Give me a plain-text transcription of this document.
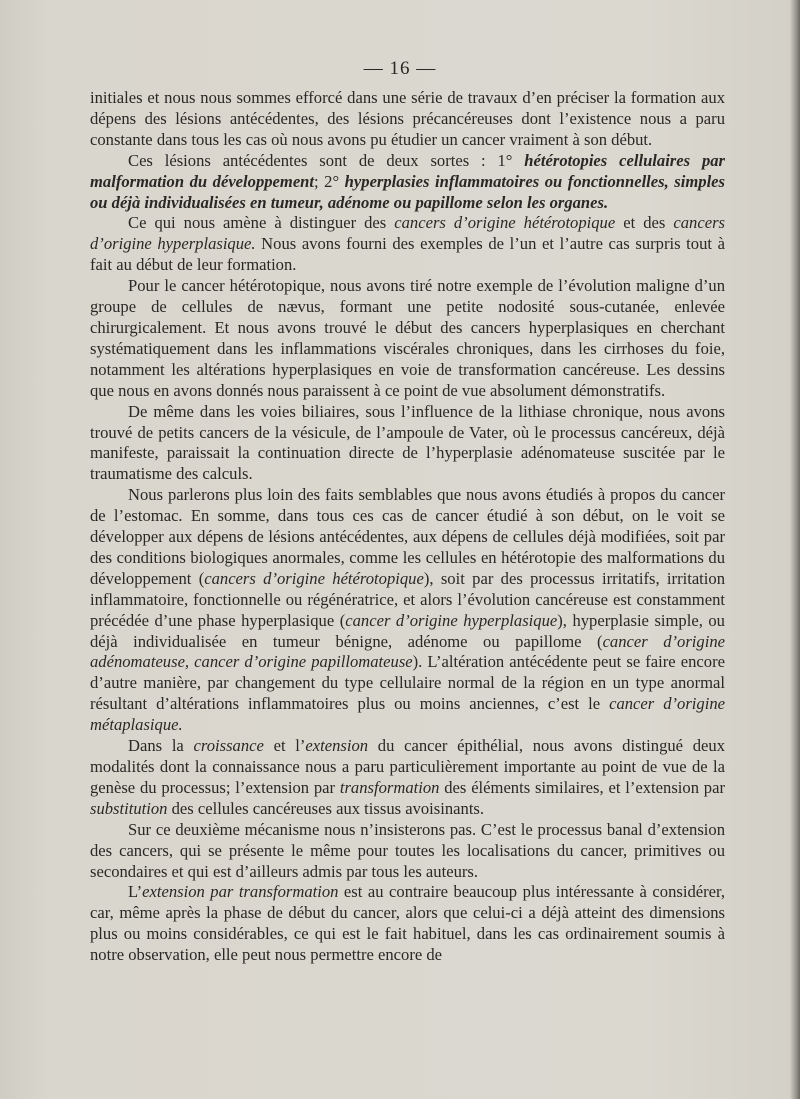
— 16 —

initiales et nous nous sommes efforcé dans une série de travaux d’en préciser la formation aux dépens des lésions antécédentes, des lésions précancéreuses dont l’existence nous a paru constante dans tous les cas où nous avons pu étudier un cancer vraiment à son début.

Ces lésions antécédentes sont de deux sortes : 1° hétérotopies cellulaires par malformation du développement; 2° hyperplasies inflammatoires ou fonctionnelles, simples ou déjà individualisées en tumeur, adénome ou papillome selon les organes.

Ce qui nous amène à distinguer des cancers d’origine hétérotopique et des cancers d’origine hyperplasique. Nous avons fourni des exemples de l’un et l’autre cas surpris tout à fait au début de leur formation.

Pour le cancer hétérotopique, nous avons tiré notre exemple de l’évolution maligne d’un groupe de cellules de nævus, formant une petite nodosité sous-cutanée, enlevée chirurgicalement. Et nous avons trouvé le début des cancers hyperplasiques en cherchant systématiquement dans les inflammations viscérales chroniques, dans les cirrhoses du foie, notamment les altérations hyperplasiques en voie de transformation cancéreuse. Les dessins que nous en avons donnés nous paraissent à ce point de vue absolument démonstratifs.

De même dans les voies biliaires, sous l’influence de la lithiase chronique, nous avons trouvé de petits cancers de la vésicule, de l’ampoule de Vater, où le processus cancéreux, déjà manifeste, paraissait la continuation directe de l’hyperplasie adénomateuse suscitée par le traumatisme des calculs.

Nous parlerons plus loin des faits semblables que nous avons étudiés à propos du cancer de l’estomac. En somme, dans tous ces cas de cancer étudié à son début, on le voit se développer aux dépens de lésions antécédentes, aux dépens de cellules déjà modifiées, soit par des conditions biologiques anormales, comme les cellules en hétérotopie des malformations du développement (cancers d’origine hétérotopique), soit par des processus irritatifs, irritation inflammatoire, fonctionnelle ou régénératrice, et alors l’évolution cancéreuse est constamment précédée d’une phase hyperplasique (cancer d’origine hyperplasique), hyperplasie simple, ou déjà individualisée en tumeur bénigne, adénome ou papillome (cancer d’origine adénomateuse, cancer d’origine papillomateuse). L’altération antécédente peut se faire encore d’autre manière, par changement du type cellulaire normal de la région en un type anormal résultant d’altérations inflammatoires plus ou moins anciennes, c’est le cancer d’origine métaplasique.

Dans la croissance et l’extension du cancer épithélial, nous avons distingué deux modalités dont la connaissance nous a paru particulièrement importante au point de vue de la genèse du processus; l’extension par transformation des éléments similaires, et l’extension par substitution des cellules cancéreuses aux tissus avoisinants.

Sur ce deuxième mécanisme nous n’insisterons pas. C’est le processus banal d’extension des cancers, qui se présente le même pour toutes les localisations du cancer, primitives ou secondaires et qui est d’ailleurs admis par tous les auteurs.

L’extension par transformation est au contraire beaucoup plus intéressante à considérer, car, même après la phase de début du cancer, alors que celui-ci a déjà atteint des dimensions plus ou moins considérables, ce qui est le fait habituel, dans les cas ordinairement soumis à notre observation, elle peut nous permettre encore de
